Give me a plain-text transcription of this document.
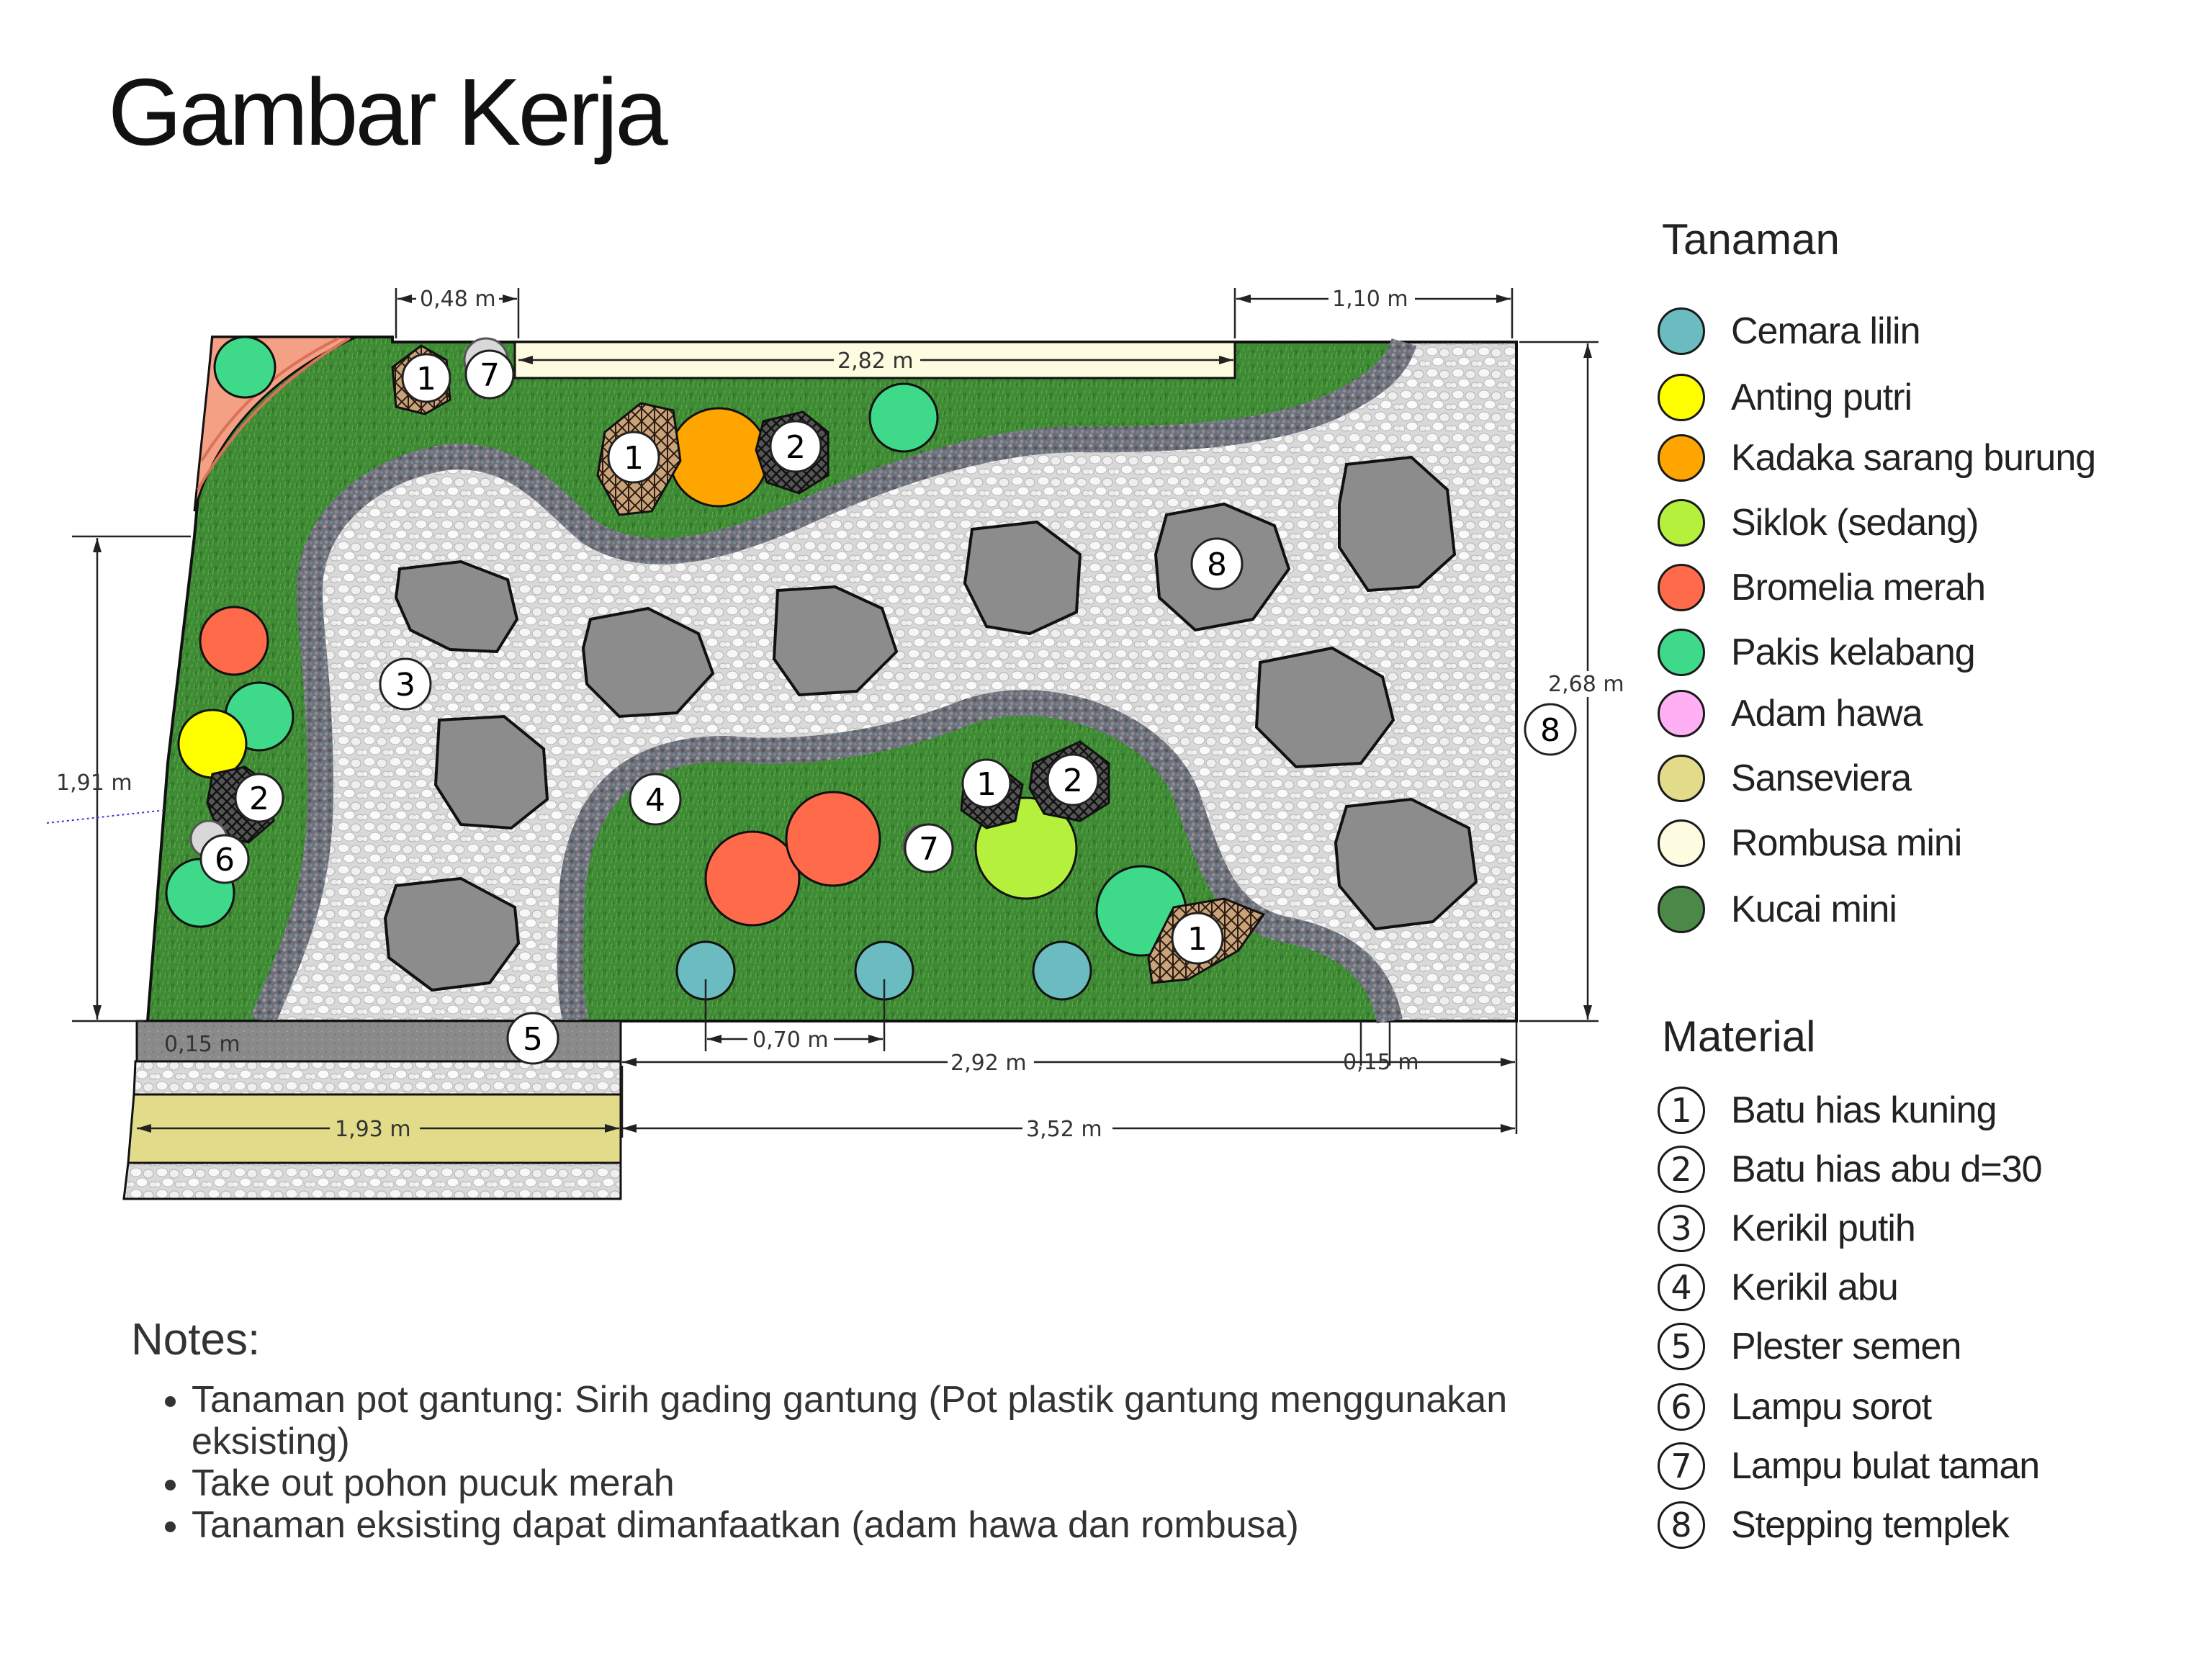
Gambar Kerja
0,48 m
2,82 m
1,10 m
2,68 m
1,91 m
0,15 m	0,70 m
2,92 m	0,15 m
1,93 m	3,52 m
1 7
1	2
8
3
8
4
2
6
1 2
7
1
5
Tanaman
Cemara lilin
Anting putri
Kadaka sarang burung
Siklok (sedang)
Bromelia merah
Pakis kelabang
Adam hawa
Sanseviera
Rombusa mini
Kucai mini
Material
1	Batu hias kuning
2	Batu hias abu d=30
3	Kerikil putih
4	Kerikil abu
5	Plester semen
6	Lampu sorot
7	Lampu bulat taman
8	Stepping templek
Notes:
• Tanaman pot gantung: Sirih gading gantung (Pot plastik gantung menggunakan eksisting)
• Take out pohon pucuk merah
• Tanaman eksisting dapat dimanfaatkan (adam hawa dan rombusa)
